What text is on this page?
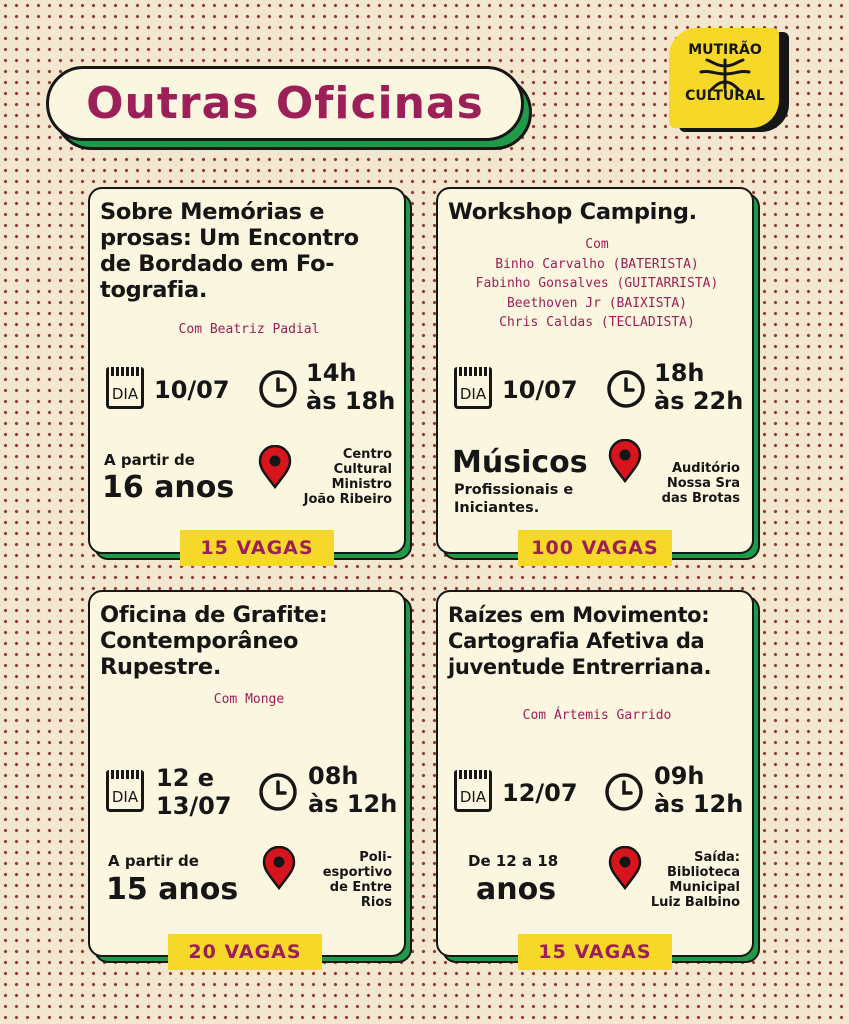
Outras Oficinas
MUTIRÃO
CULTURAL
Sobre Memórias e
prosas: Um Encontro
de Bordado em Fo-
tografia.
Com Beatriz Padial
DIA 10/07
14h
às 18h
A partir de
16 anos
Centro
Cultural
Ministro
João Ribeiro
15 VAGAS
Workshop Camping.
Com
Binho Carvalho (BATERISTA)
Fabinho Gonsalves (GUITARRISTA)
Beethoven Jr (BAIXISTA)
Chris Caldas (TECLADISTA)
DIA 10/07
18h
às 22h
Músicos
Profissionais e
Iniciantes.
Auditório
Nossa Sra
das Brotas
100 VAGAS
Oficina de Grafite:
Contemporâneo
Rupestre.
Com Monge
DIA
12 e
13/07
08h
às 12h
A partir de
15 anos
Poli-
esportivo
de Entre
Rios
20 VAGAS
Raízes em Movimento:
Cartografia Afetiva da
juventude Entrerriana.
Com Ártemis Garrido
DIA 12/07
09h
às 12h
De 12 a 18
anos
Saída:
Biblioteca
Municipal
Luiz Balbino
15 VAGAS
